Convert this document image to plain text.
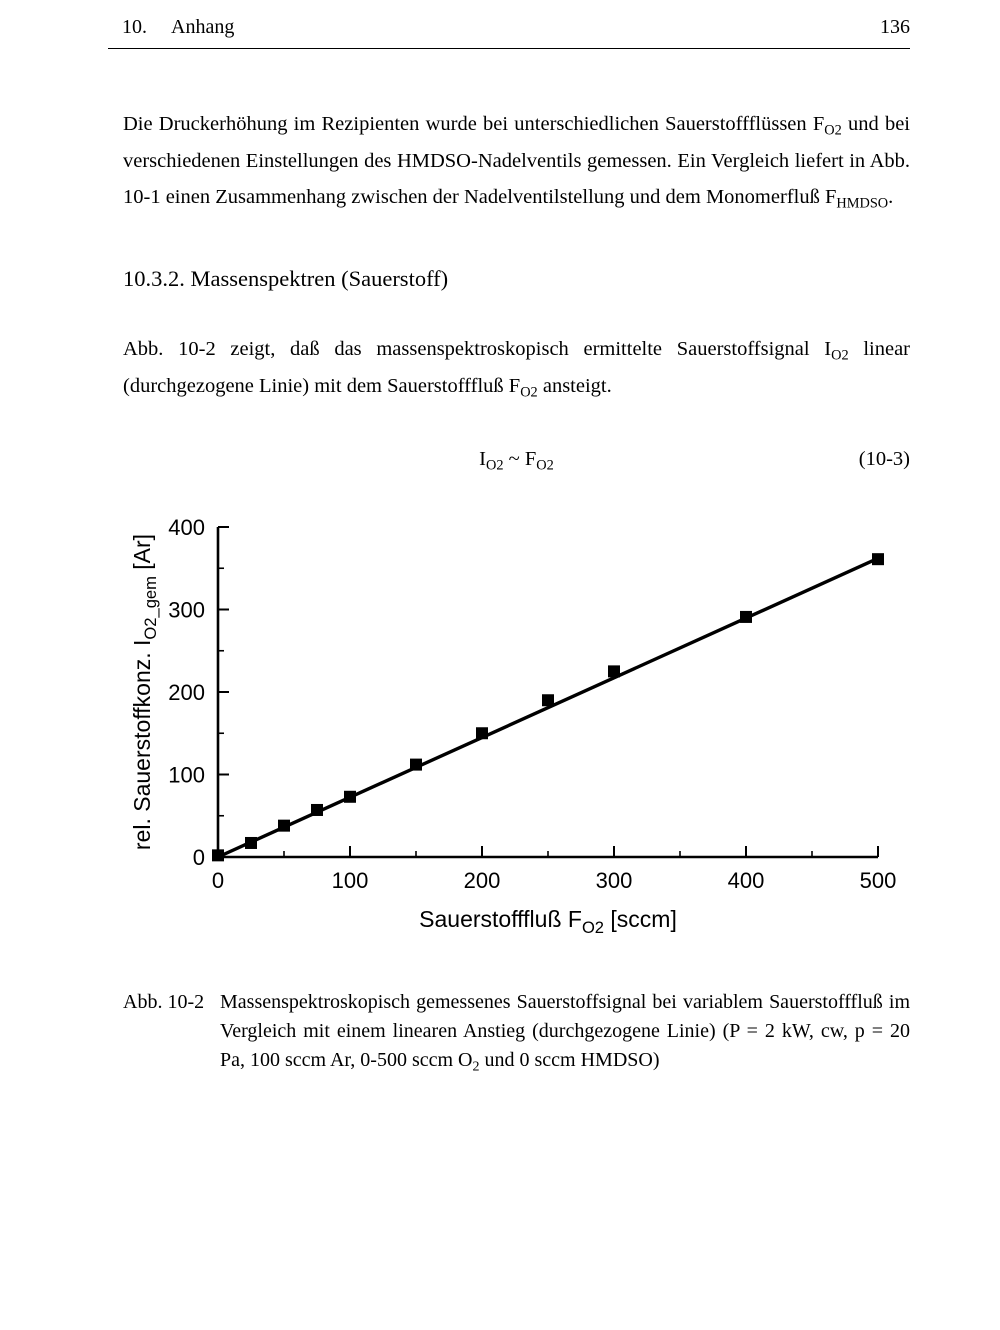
10. Anhang	136

Die Druckerhöhung im Rezipienten wurde bei unterschiedlichen Sauerstoffflüssen $F_{O2}$ und bei verschiedenen Einstellungen des HMDSO-Nadelventils gemessen. Ein Vergleich liefert in Abb. 10-1 einen Zusammenhang zwischen der Nadelventilstellung und dem Monomerfluß $F_{HMDSO}$.

10.3.2. Massenspektren (Sauerstoff)

Abb. 10-2 zeigt, daß das massenspektroskopisch ermittelte Sauerstoffsignal $I_{O2}$ linear (durchgezogene Linie) mit dem Sauerstofffluß $F_{O2}$ ansteigt.

$I_{O2}$ ~ $F_{O2}$	(10-3)
0	100	200	300	400	500
0
100
200
300
400
Sauerstofffluß $F_{O2}$ [sccm]
rel. Sauerstoffkonz. $I_{O2\_gem}$ [Ar]
Abb. 10-2 Massenspektroskopisch gemessenes Sauerstoffsignal bei variablem Sauerstofffluß im Vergleich mit einem linearen Anstieg (durchgezogene Linie) (P = 2 kW, cw, p = 20 Pa, 100 sccm Ar, 0-500 sccm $O_2$ und 0 sccm HMDSO)
